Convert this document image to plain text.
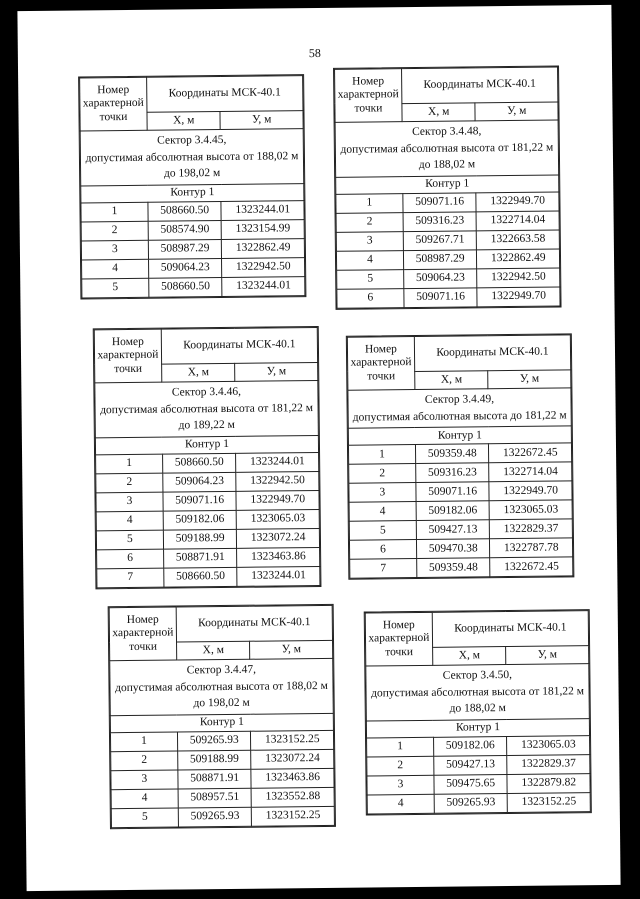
58
Номер характерной точки	Координаты МСК-40.1	
	Х, м	У, м

Сектор 3.4.45,
допустимая абсолютная высота от 188,02 м до 198,02 м		

Контур 1		
1	508660.50	1323244.01
2	508574.90	1323154.99
3	508987.29	1322862.49
4	509064.23	1322942.50
5	508660.50	1323244.01
Номер характерной точки	Координаты МСК-40.1	
	Х, м	У, м

Сектор 3.4.48,
допустимая абсолютная высота от 181,22 м до 188,02 м		

Контур 1		
1	509071.16	1322949.70
2	509316.23	1322714.04
3	509267.71	1322663.58
4	508987.29	1322862.49
5	509064.23	1322942.50
6	509071.16	1322949.70
Номер характерной точки	Координаты МСК-40.1	
	Х, м	У, м

Сектор 3.4.46,
допустимая абсолютная высота от 181,22 м до 189,22 м		

Контур 1		
1	508660.50	1323244.01
2	509064.23	1322942.50
3	509071.16	1322949.70
4	509182.06	1323065.03
5	509188.99	1323072.24
6	508871.91	1323463.86
7	508660.50	1323244.01
Номер характерной точки	Координаты МСК-40.1	
	Х, м	У, м

Сектор 3.4.49,
допустимая абсолютная высота до 181,22 м		

Контур 1		
1	509359.48	1322672.45
2	509316.23	1322714.04
3	509071.16	1322949.70
4	509182.06	1323065.03
5	509427.13	1322829.37
6	509470.38	1322787.78
7	509359.48	1322672.45
Номер характерной точки	Координаты МСК-40.1	
	Х, м	У, м

Сектор 3.4.47,
допустимая абсолютная высота от 188,02 м до 198,02 м		

Контур 1		
1	509265.93	1323152.25
2	509188.99	1323072.24
3	508871.91	1323463.86
4	508957.51	1323552.88
5	509265.93	1323152.25
Номер характерной точки	Координаты МСК-40.1	
	Х, м	У, м

Сектор 3.4.50,
допустимая абсолютная высота от 181,22 м до 188,02 м		

Контур 1		
1	509182.06	1323065.03
2	509427.13	1322829.37
3	509475.65	1322879.82
4	509265.93	1323152.25
